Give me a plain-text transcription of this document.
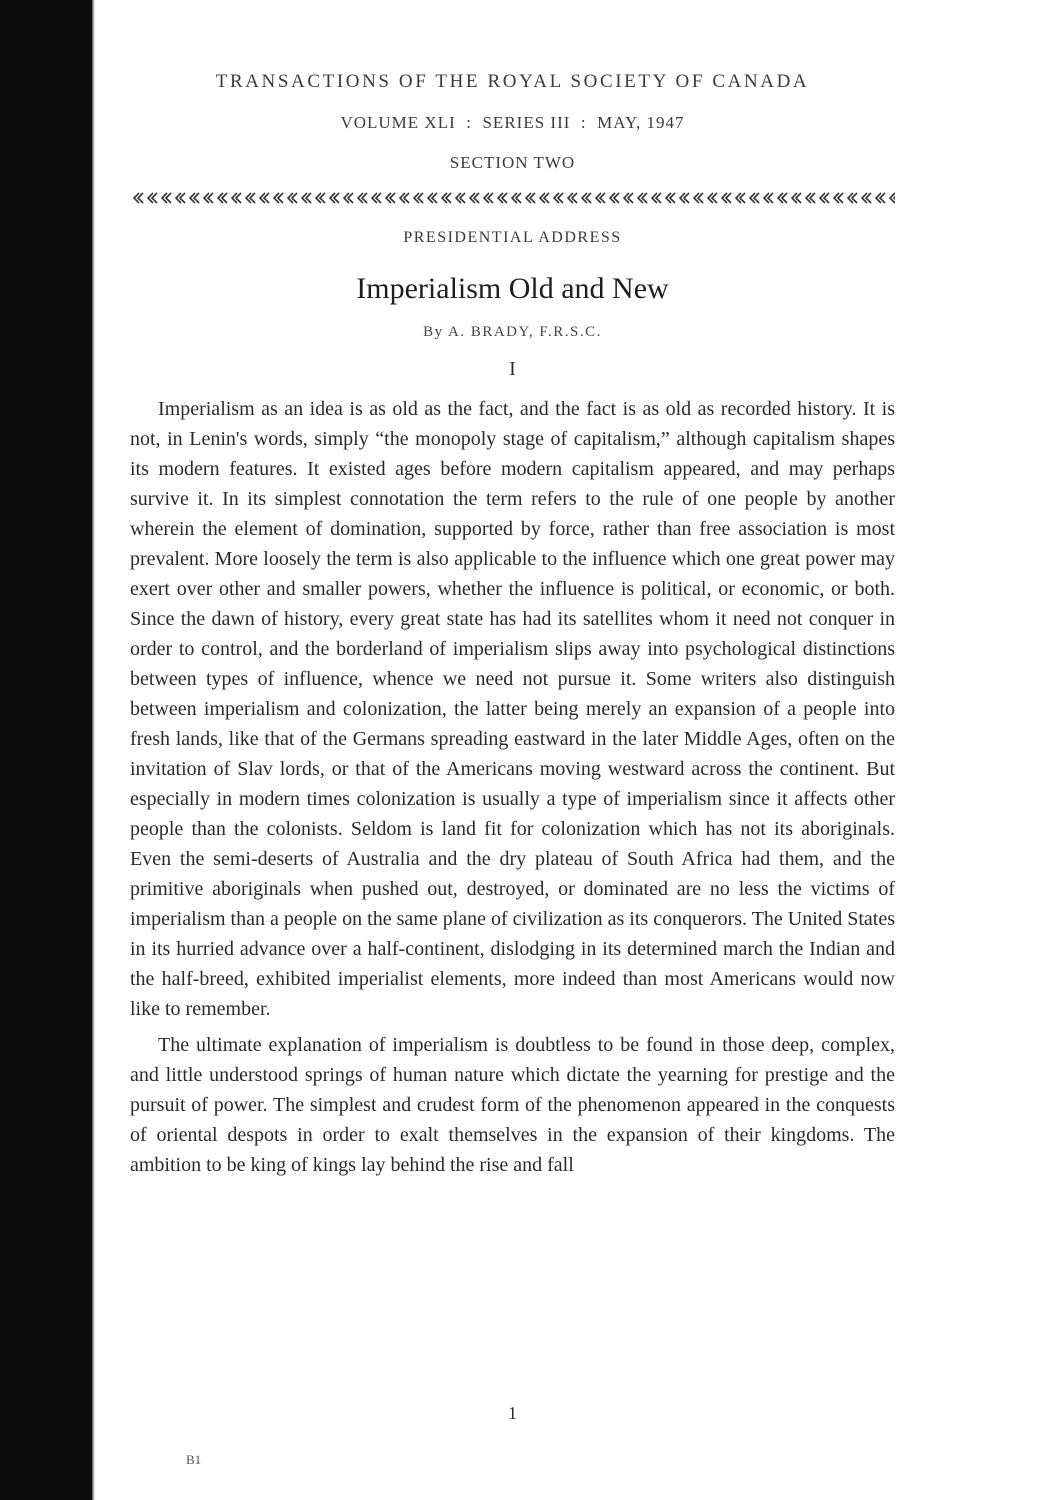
TRANSACTIONS OF THE ROYAL SOCIETY OF CANADA
VOLUME XLI  :  SERIES III  :  MAY, 1947
SECTION TWO
PRESIDENTIAL ADDRESS
Imperialism Old and New
By A. BRADY, F.R.S.C.
I

Imperialism as an idea is as old as the fact, and the fact is as old as recorded history. It is not, in Lenin's words, simply “the monopoly stage of capitalism,” although capitalism shapes its modern features. It existed ages before modern capitalism appeared, and may perhaps survive it. In its simplest connotation the term refers to the rule of one people by another wherein the element of domination, supported by force, rather than free association is most prevalent. More loosely the term is also applicable to the influence which one great power may exert over other and smaller powers, whether the influence is political, or economic, or both. Since the dawn of history, every great state has had its satellites whom it need not conquer in order to control, and the borderland of imperialism slips away into psychological distinctions between types of influence, whence we need not pursue it. Some writers also distinguish between imperialism and colonization, the latter being merely an expansion of a people into fresh lands, like that of the Germans spreading eastward in the later Middle Ages, often on the invitation of Slav lords, or that of the Americans moving westward across the continent. But especially in modern times colonization is usually a type of imperialism since it affects other people than the colonists. Seldom is land fit for colonization which has not its aboriginals. Even the semi-deserts of Australia and the dry plateau of South Africa had them, and the primitive aboriginals when pushed out, destroyed, or dominated are no less the victims of imperialism than a people on the same plane of civilization as its conquerors. The United States in its hurried advance over a half-continent, dislodging in its determined march the Indian and the half-breed, exhibited imperialist elements, more indeed than most Americans would now like to remember.

The ultimate explanation of imperialism is doubtless to be found in those deep, complex, and little understood springs of human nature which dictate the yearning for prestige and the pursuit of power. The simplest and crudest form of the phenomenon appeared in the conquests of oriental despots in order to exalt themselves in the expansion of their kingdoms. The ambition to be king of kings lay behind the rise and fall

1
B1
